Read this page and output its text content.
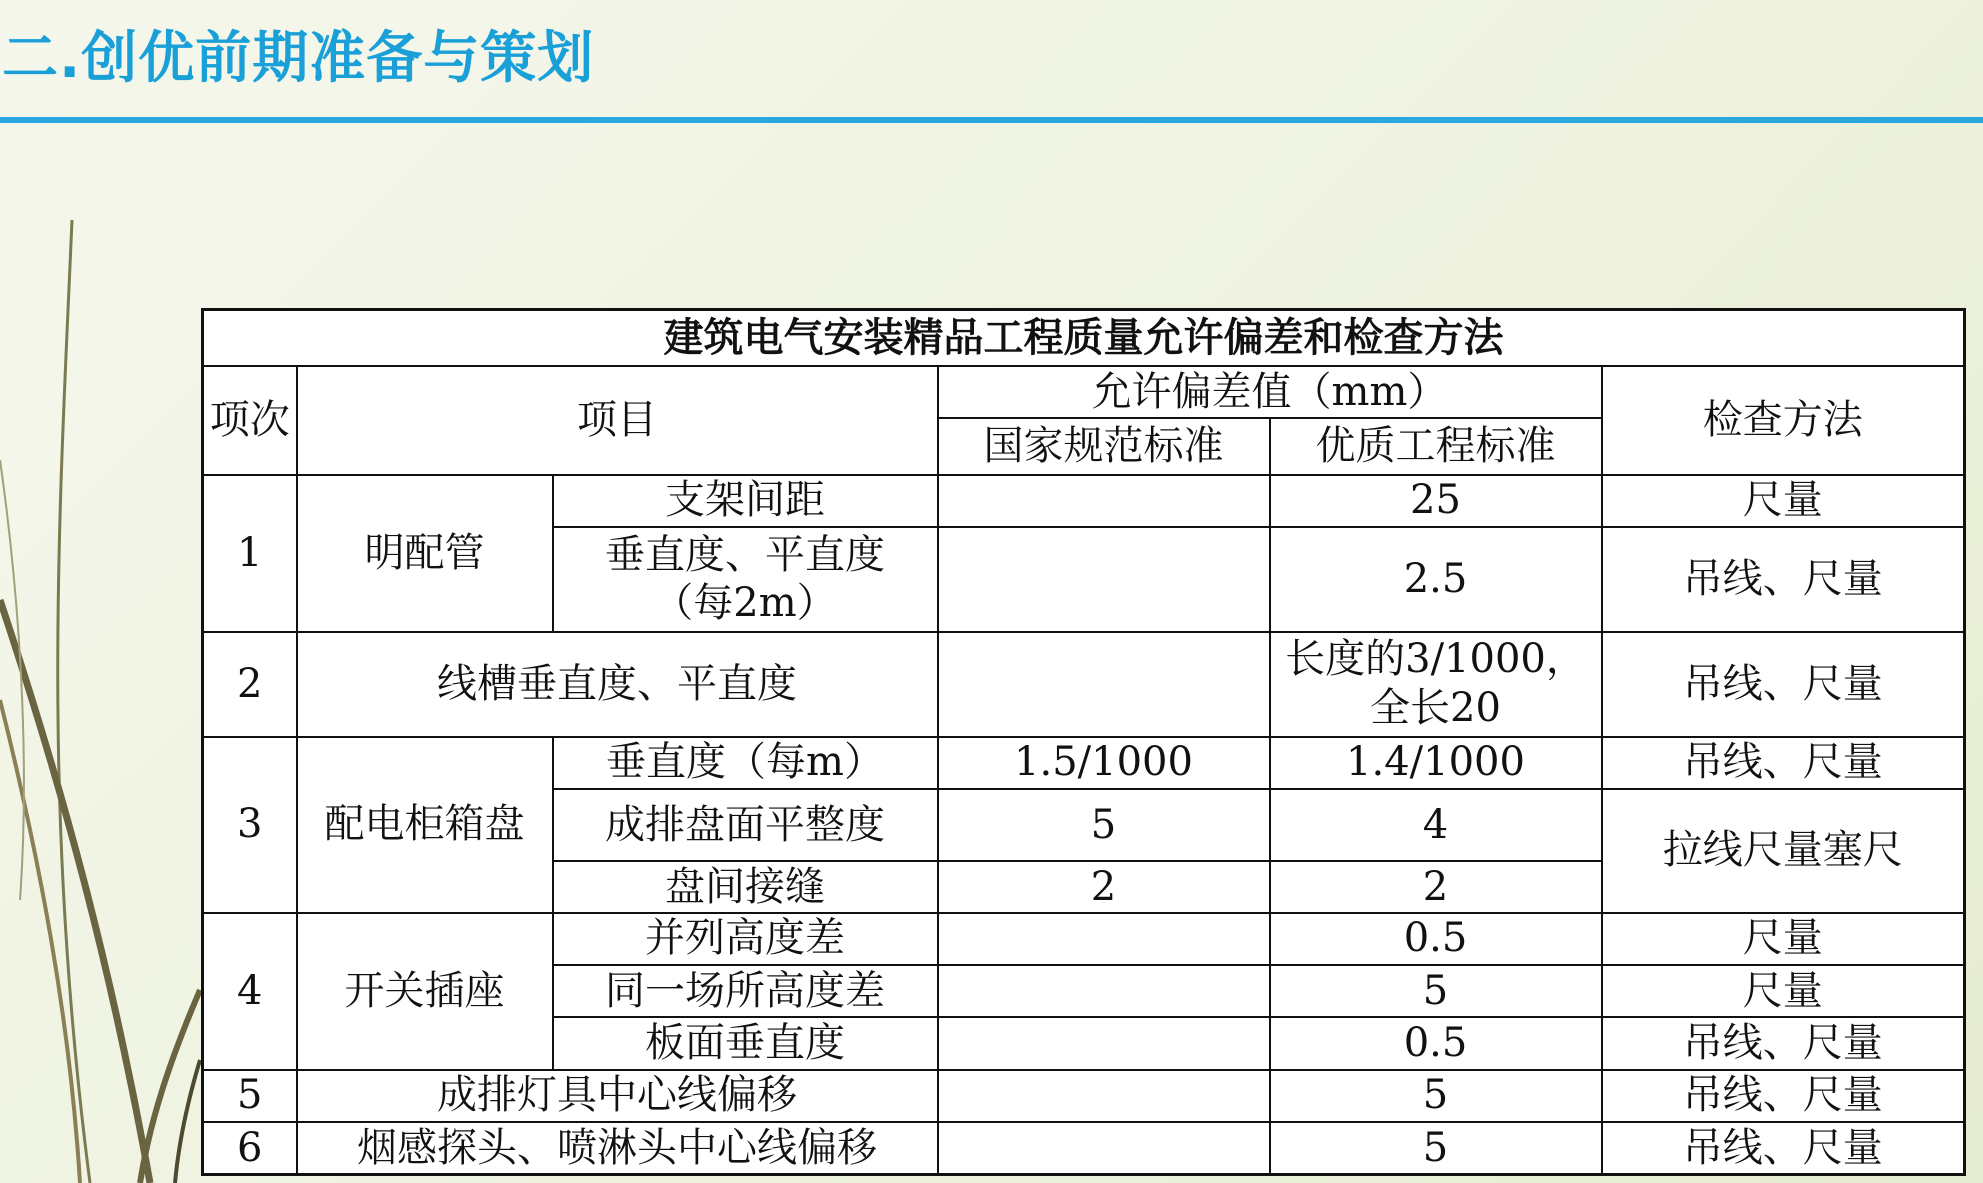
二.创优前期准备与策划
建筑电气安装精品工程质量允许偏差和检查方法					
项次	项目		允许偏差值（mm）		检查方法
			国家规范标准	优质工程标准	
1	明配管	支架间距		25	尺量
		垂直度、平直度（每2m）		2.5	吊线、尺量
2	线槽垂直度、平直度			长度的3/1000，全长20	吊线、尺量
3	配电柜箱盘	垂直度（每m）	1.5/1000	1.4/1000	吊线、尺量
		成排盘面平整度	5	4	拉线尺量塞尺
		盘间接缝	2	2	
4	开关插座	并列高度差		0.5	尺量
		同一场所高度差		5	尺量
		板面垂直度		0.5	吊线、尺量
5	成排灯具中心线偏移			5	吊线、尺量
6	烟感探头、喷淋头中心线偏移			5	吊线、尺量
